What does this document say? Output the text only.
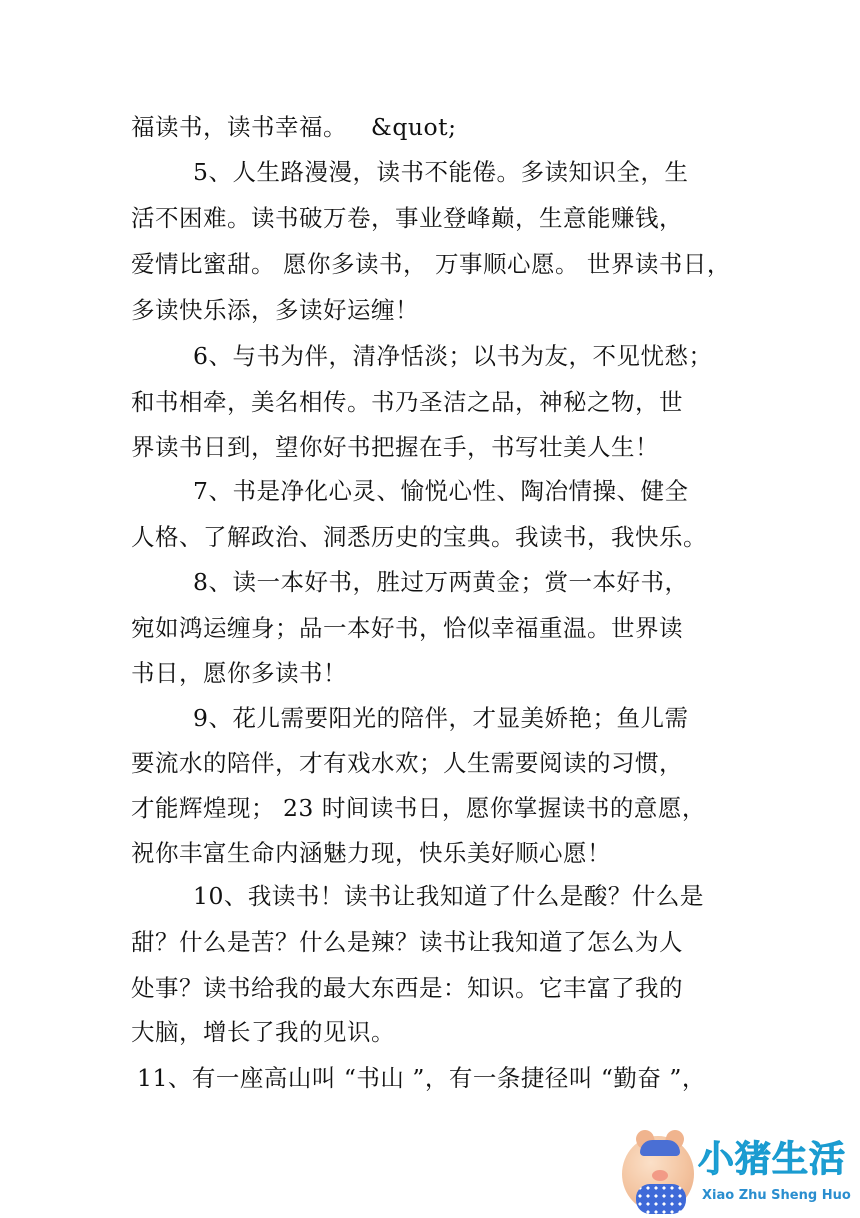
福读书，读书幸福。   &quot;
5、人生路漫漫，读书不能倦。多读知识全，生
活不困难。读书破万卷，事业登峰巅，生意能赚钱，
爱情比蜜甜。 愿你多读书， 万事顺心愿。 世界读书日，
多读快乐添，多读好运缠！
6、与书为伴，清净恬淡；以书为友，不见忧愁；
和书相牵，美名相传。书乃圣洁之品，神秘之物，世
界读书日到，望你好书把握在手，书写壮美人生！
7、书是净化心灵、愉悦心性、陶冶情操、健全
人格、了解政治、洞悉历史的宝典。我读书，我快乐。
8、读一本好书，胜过万两黄金；赏一本好书，
宛如鸿运缠身；品一本好书，恰似幸福重温。世界读
书日，愿你多读书！
9、花儿需要阳光的陪伴，才显美娇艳；鱼儿需
要流水的陪伴，才有戏水欢；人生需要阅读的习惯，
才能辉煌现； 23 时间读书日，愿你掌握读书的意愿，
祝你丰富生命内涵魅力现，快乐美好顺心愿！
10、我读书！读书让我知道了什么是酸？什么是
甜？什么是苦？什么是辣？读书让我知道了怎么为人
处事？读书给我的最大东西是：知识。它丰富了我的
大脑，增长了我的见识。
11、有一座高山叫 “书山 ”，有一条捷径叫 “勤奋 ”，
小猪生活
Xiao Zhu Sheng Huo
